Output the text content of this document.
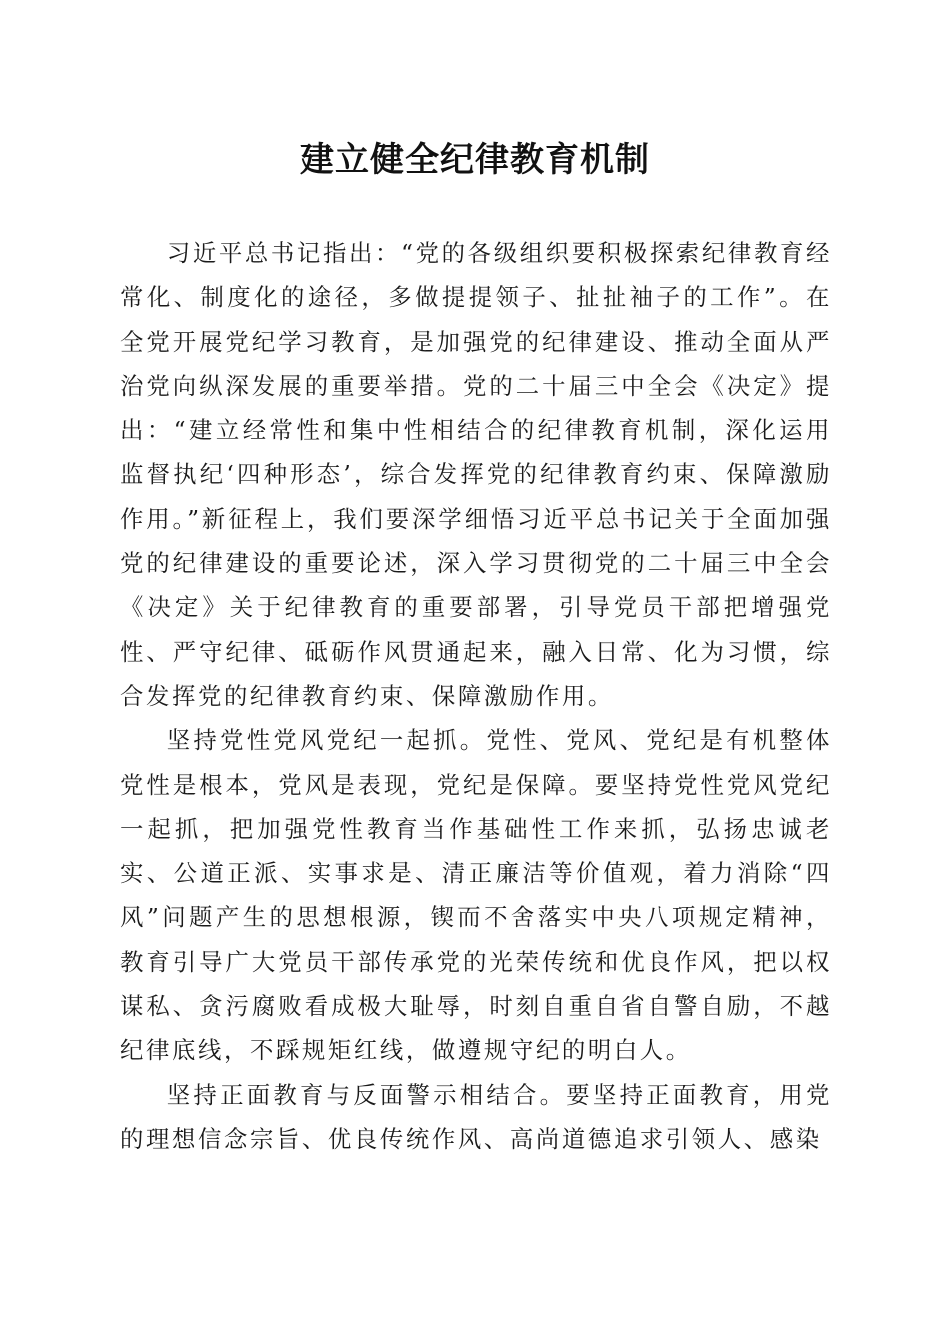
建立健全纪律教育机制

习近平总书记指出：“党的各级组织要积极探索纪律教育经常化、制度化的途径，多做提提领子、扯扯袖子的工作”。在全党开展党纪学习教育，是加强党的纪律建设、推动全面从严治党向纵深发展的重要举措。党的二十届三中全会《决定》提出：“建立经常性和集中性相结合的纪律教育机制，深化运用监督执纪‘四种形态’，综合发挥党的纪律教育约束、保障激励作用。”新征程上，我们要深学细悟习近平总书记关于全面加强党的纪律建设的重要论述，深入学习贯彻党的二十届三中全会《决定》关于纪律教育的重要部署，引导党员干部把增强党性、严守纪律、砥砺作风贯通起来，融入日常、化为习惯，综合发挥党的纪律教育约束、保障激励作用。

坚持党性党风党纪一起抓。党性、党风、党纪是有机整体党性是根本，党风是表现，党纪是保障。要坚持党性党风党纪一起抓，把加强党性教育当作基础性工作来抓，弘扬忠诚老实、公道正派、实事求是、清正廉洁等价值观，着力消除“四风”问题产生的思想根源，锲而不舍落实中央八项规定精神，教育引导广大党员干部传承党的光荣传统和优良作风，把以权谋私、贪污腐败看成极大耻辱，时刻自重自省自警自励，不越纪律底线，不踩规矩红线，做遵规守纪的明白人。

坚持正面教育与反面警示相结合。要坚持正面教育，用党的理想信念宗旨、优良传统作风、高尚道德追求引领人、感染
